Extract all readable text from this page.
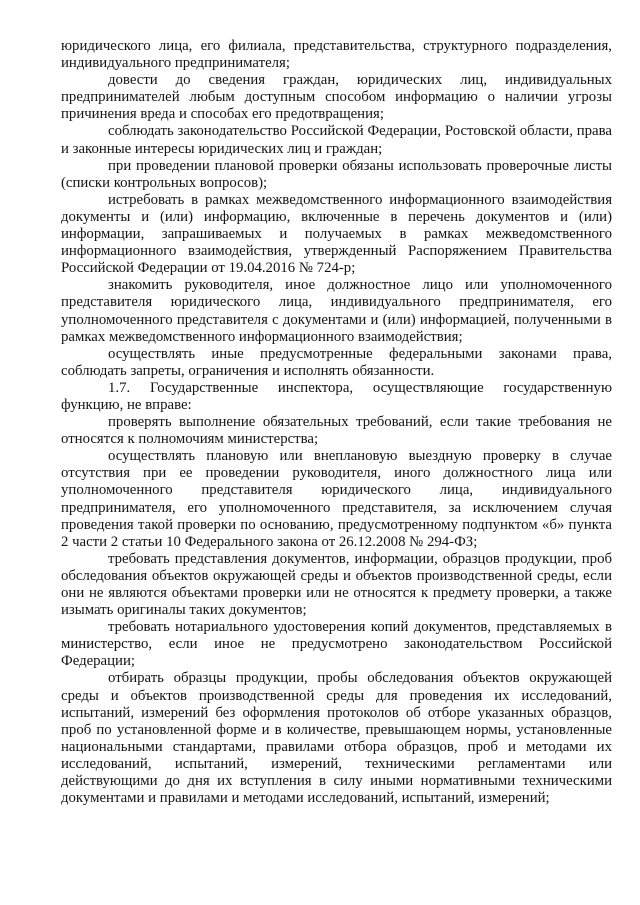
юридического лица, его филиала, представительства, структурного подразделения, индивидуального предпринимателя;

довести до сведения граждан, юридических лиц, индивидуальных предпринимателей любым доступным способом информацию о наличии угрозы причинения вреда и способах его предотвращения;

соблюдать законодательство Российской Федерации, Ростовской области, права и законные интересы юридических лиц и граждан;

при проведении плановой проверки обязаны использовать проверочные листы (списки контрольных вопросов);

истребовать в рамках межведомственного информационного взаимодействия документы и (или) информацию, включенные в перечень документов и (или) информации, запрашиваемых и получаемых в рамках межведомственного информационного взаимодействия, утвержденный Распоряжением Правительства Российской Федерации от 19.04.2016 № 724-р;

знакомить руководителя, иное должностное лицо или уполномоченного представителя юридического лица, индивидуального предпринимателя, его уполномоченного представителя с документами и (или) информацией, полученными в рамках межведомственного информационного взаимодействия;

осуществлять иные предусмотренные федеральными законами права, соблюдать запреты, ограничения и исполнять обязанности.

1.7. Государственные инспектора, осуществляющие государственную функцию, не вправе:

проверять выполнение обязательных требований, если такие требования не относятся к полномочиям министерства;

осуществлять плановую или внеплановую выездную проверку в случае отсутствия при ее проведении руководителя, иного должностного лица или уполномоченного представителя юридического лица, индивидуального предпринимателя, его уполномоченного представителя, за исключением случая проведения такой проверки по основанию, предусмотренному подпунктом «б» пункта 2 части 2 статьи 10 Федерального закона от 26.12.2008 № 294-ФЗ;

требовать представления документов, информации, образцов продукции, проб обследования объектов окружающей среды и объектов производственной среды, если они не являются объектами проверки или не относятся к предмету проверки, а также изымать оригиналы таких документов;

требовать нотариального удостоверения копий документов, представляемых в министерство, если иное не предусмотрено законодательством Российской Федерации;

отбирать образцы продукции, пробы обследования объектов окружающей среды и объектов производственной среды для проведения их исследований, испытаний, измерений без оформления протоколов об отборе указанных образцов, проб по установленной форме и в количестве, превышающем нормы, установленные национальными стандартами, правилами отбора образцов, проб и методами их исследований, испытаний, измерений, техническими регламентами или действующими до дня их вступления в силу иными нормативными техническими документами и правилами и методами исследований, испытаний, измерений;
